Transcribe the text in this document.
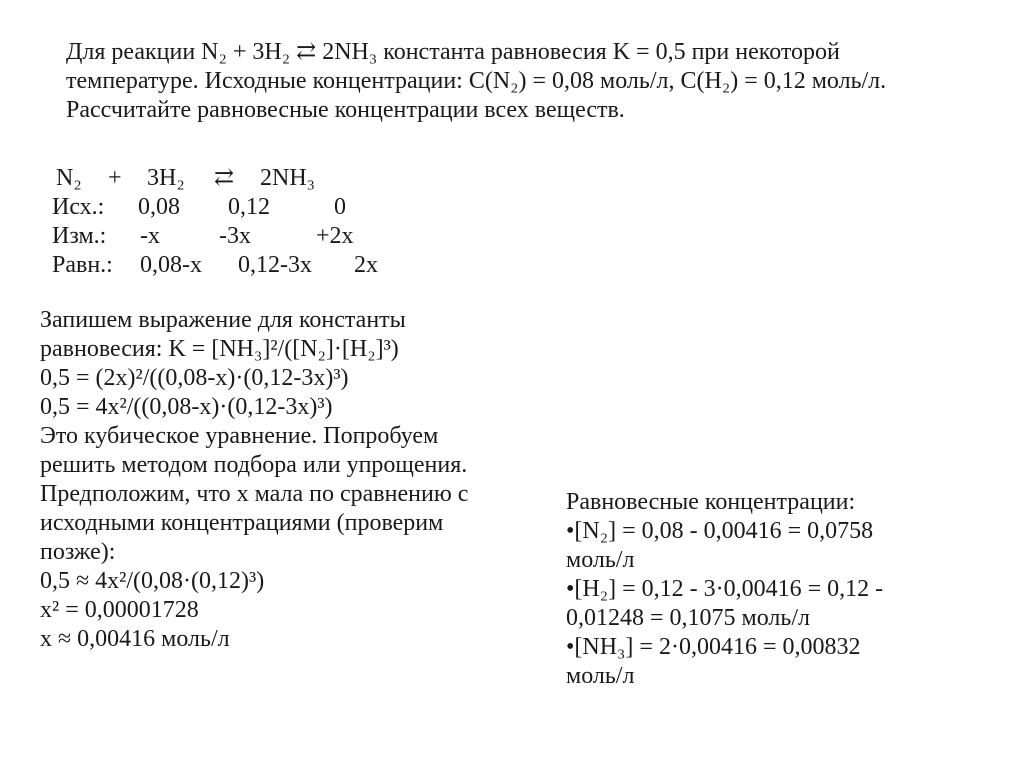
Для реакции N₂ + 3H₂ ⇄ 2NH₃ константа равновесия K = 0,5 при некоторой
температуре. Исходные концентрации: C(N₂) = 0,08 моль/л, C(H₂) = 0,12 моль/л.
Рассчитайте равновесные концентрации всех веществ.
N₂ + 3H₂ ⇄ 2NH₃
Исх.: 0,08 0,12	0
Изм.: -x -3x	+2x
Равн.: 0,08-x 0,12-3x 2x
Запишем выражение для константы
равновесия: K = [NH₃]²/([N₂]·[H₂]³)
0,5 = (2x)²/((0,08-x)·(0,12-3x)³)
0,5 = 4x²/((0,08-x)·(0,12-3x)³)
Это кубическое уравнение. Попробуем
решить методом подбора или упрощения.
Предположим, что x мала по сравнению с
исходными концентрациями (проверим
позже):
0,5 ≈ 4x²/(0,08·(0,12)³)
x² = 0,00001728
x ≈ 0,00416 моль/л
Равновесные концентрации:
•[N₂] = 0,08 - 0,00416 = 0,0758
моль/л
•[H₂] = 0,12 - 3·0,00416 = 0,12 -
0,01248 = 0,1075 моль/л
•[NH₃] = 2·0,00416 = 0,00832
моль/л
